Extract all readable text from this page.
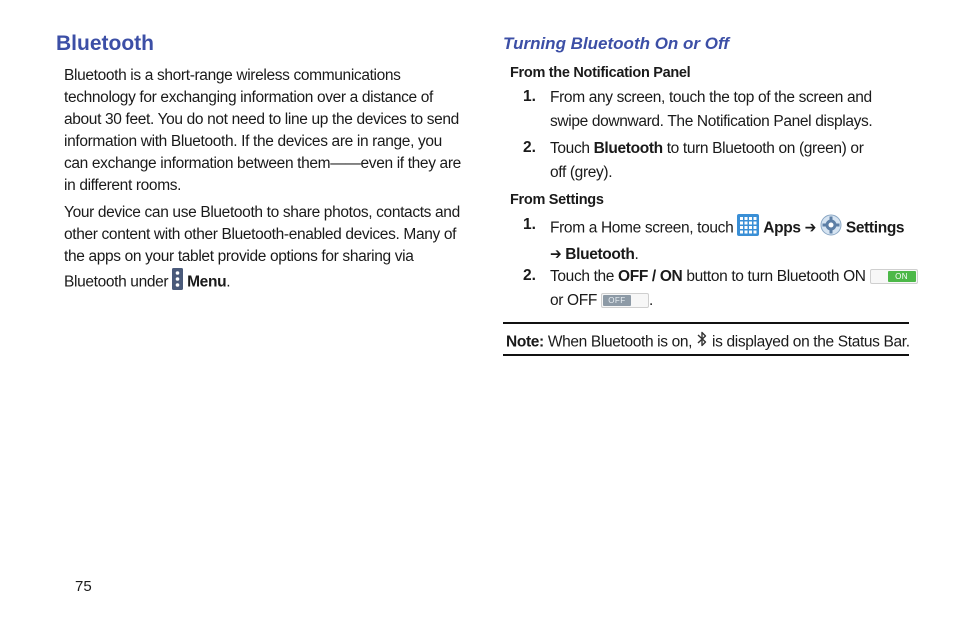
Bluetooth
Bluetooth is a short-range wireless communications
technology for exchanging information over a distance of
about 30 feet. You do not need to line up the devices to send
information with Bluetooth. If the devices are in range, you
can exchange information between them——even if they are
in different rooms.
Your device can use Bluetooth to share photos, contacts and
other content with other Bluetooth-enabled devices. Many of
the apps on your tablet provide options for sharing via
Bluetooth under  Menu.
Turning Bluetooth On or Off
From the Notification Panel
1. From any screen, touch the top of the screen and
swipe downward. The Notification Panel displays.
2. Touch Bluetooth to turn Bluetooth on (green) or
off (grey).
From Settings
1. From a Home screen, touch  Apps ➔  Settings
➔ Bluetooth.
2. Touch the OFF / ON button to turn Bluetooth ON	ON
or OFF OFF	.
Note: When Bluetooth is on,  is displayed on the Status Bar.
75
